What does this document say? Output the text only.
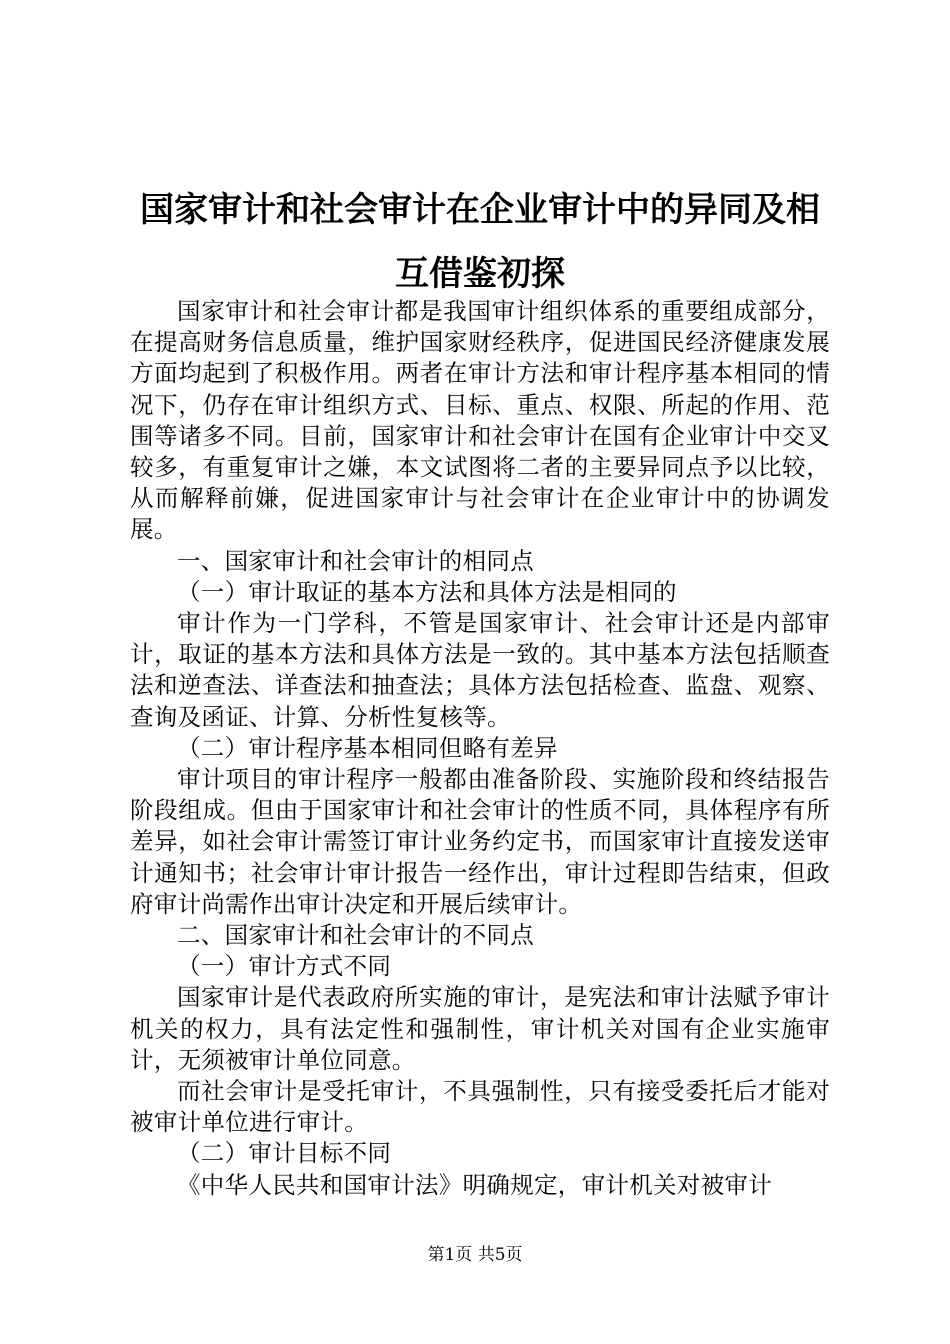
国家审计和社会审计在企业审计中的异同及相
互借鉴初探

国家审计和社会审计都是我国审计组织体系的重要组成部分，在提高财务信息质量，维护国家财经秩序，促进国民经济健康发展方面均起到了积极作用。两者在审计方法和审计程序基本相同的情况下，仍存在审计组织方式、目标、重点、权限、所起的作用、范围等诸多不同。目前，国家审计和社会审计在国有企业审计中交叉较多，有重复审计之嫌，本文试图将二者的主要异同点予以比较，从而解释前嫌，促进国家审计与社会审计在企业审计中的协调发展。

一、国家审计和社会审计的相同点

（一）审计取证的基本方法和具体方法是相同的

审计作为一门学科，不管是国家审计、社会审计还是内部审计，取证的基本方法和具体方法是一致的。其中基本方法包括顺查法和逆查法、详查法和抽查法；具体方法包括检查、监盘、观察、查询及函证、计算、分析性复核等。

（二）审计程序基本相同但略有差异

审计项目的审计程序一般都由准备阶段、实施阶段和终结报告阶段组成。但由于国家审计和社会审计的性质不同，具体程序有所差异，如社会审计需签订审计业务约定书，而国家审计直接发送审计通知书；社会审计审计报告一经作出，审计过程即告结束，但政府审计尚需作出审计决定和开展后续审计。

二、国家审计和社会审计的不同点

（一）审计方式不同

国家审计是代表政府所实施的审计，是宪法和审计法赋予审计机关的权力，具有法定性和强制性，审计机关对国有企业实施审计，无须被审计单位同意。

而社会审计是受托审计，不具强制性，只有接受委托后才能对被审计单位进行审计。

（二）审计目标不同

《中华人民共和国审计法》明确规定，审计机关对被审计

第1页 共5页
